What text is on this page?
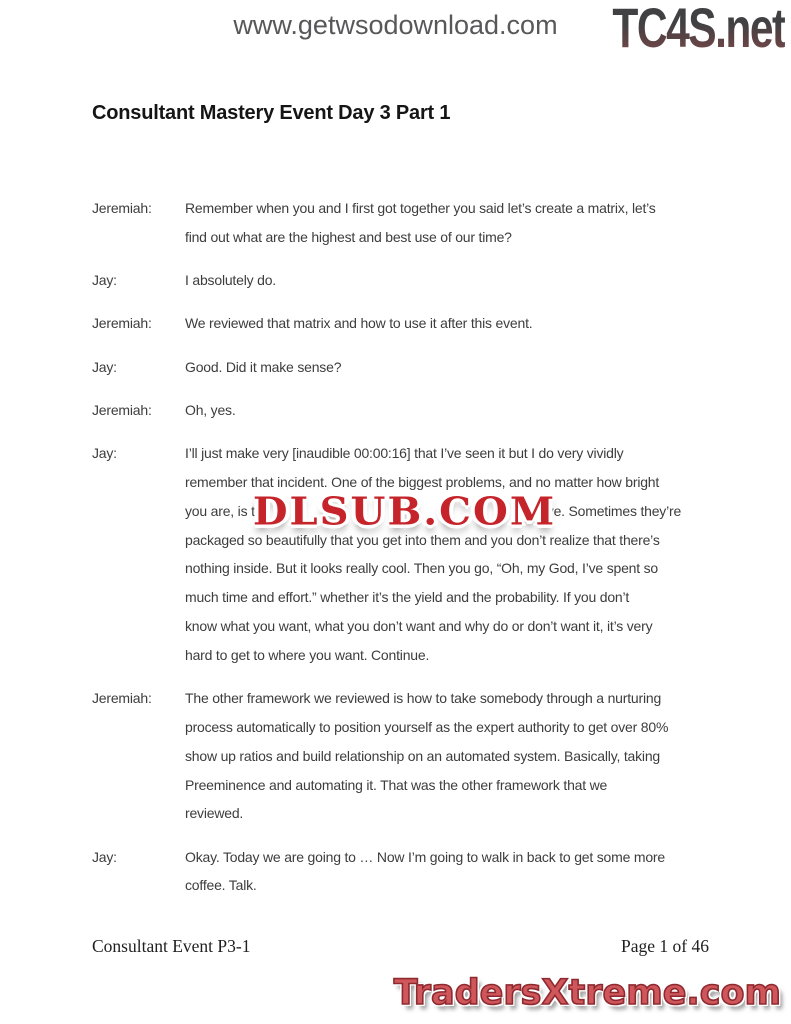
www.getwsodownload.com TC4S.net
Consultant Mastery Event Day 3 Part 1
Jeremiah:	Remember when you and I first got together you said let’s create a matrix, let’s
find out what are the highest and best use of our time?
Jay:	I absolutely do.
Jeremiah:	We reviewed that matrix and how to use it after this event.
Jay:	Good. Did it make sense?
Jeremiah:	Oh, yes.
Jay:	I’ll just make very [inaudible 00:00:16] that I’ve seen it but I do very vividly
remember that incident. One of the biggest problems, and no matter how bright
you are, is t	ve. Sometimes they’re
packaged so beautifully that you get into them and you don’t realize that there’s
nothing inside. But it looks really cool. Then you go, “Oh, my God, I’ve spent so
much time and effort.” whether it’s the yield and the probability. If you don’t
know what you want, what you don’t want and why do or don’t want it, it’s very
hard to get to where you want. Continue.
Jeremiah:	The other framework we reviewed is how to take somebody through a nurturing
process automatically to position yourself as the expert authority to get over 80%
show up ratios and build relationship on an automated system. Basically, taking
Preeminence and automating it. That was the other framework that we
reviewed.
Jay:	Okay. Today we are going to … Now I’m going to walk in back to get some more
coffee. Talk.
DLSUB.COM
Consultant Event P3-1	Page 1 of 46
TradersXtreme.com
